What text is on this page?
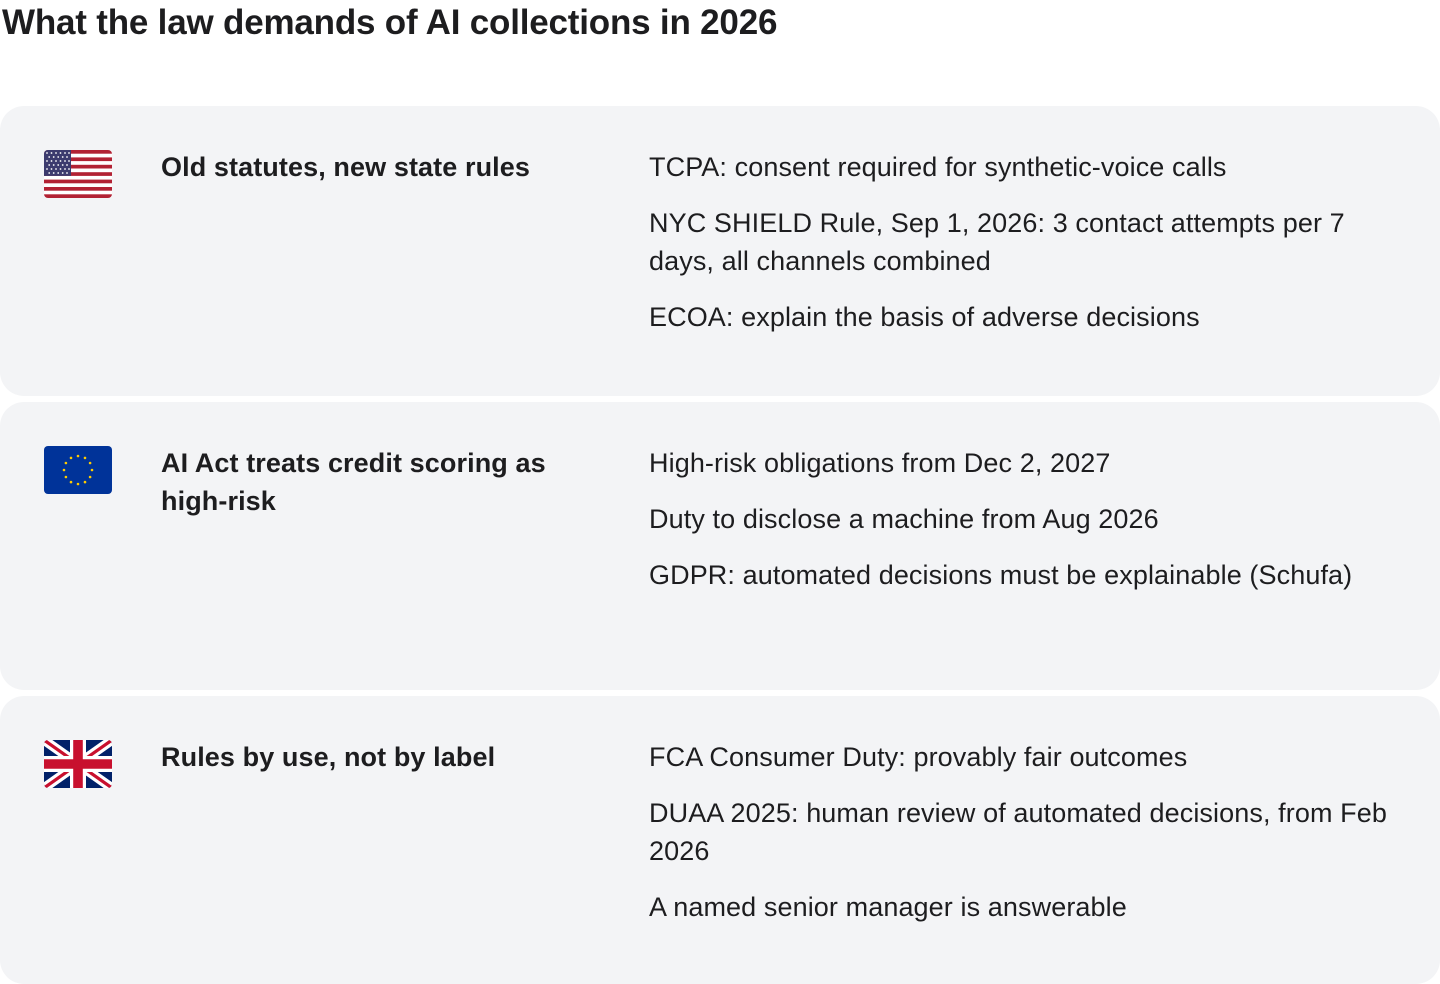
What the law demands of AI collections in 2026
Old statutes, new state rules	TCPA: consent required for synthetic-voice calls
NYC SHIELD Rule, Sep 1, 2026: 3 contact attempts per 7 days, all channels combined
ECOA: explain the basis of adverse decisions
AI Act treats credit scoring as high-risk
High-risk obligations from Dec 2, 2027
Duty to disclose a machine from Aug 2026
GDPR: automated decisions must be explainable (Schufa)
Rules by use, not by label	FCA Consumer Duty: provably fair outcomes
DUAA 2025: human review of automated decisions, from Feb 2026
A named senior manager is answerable
